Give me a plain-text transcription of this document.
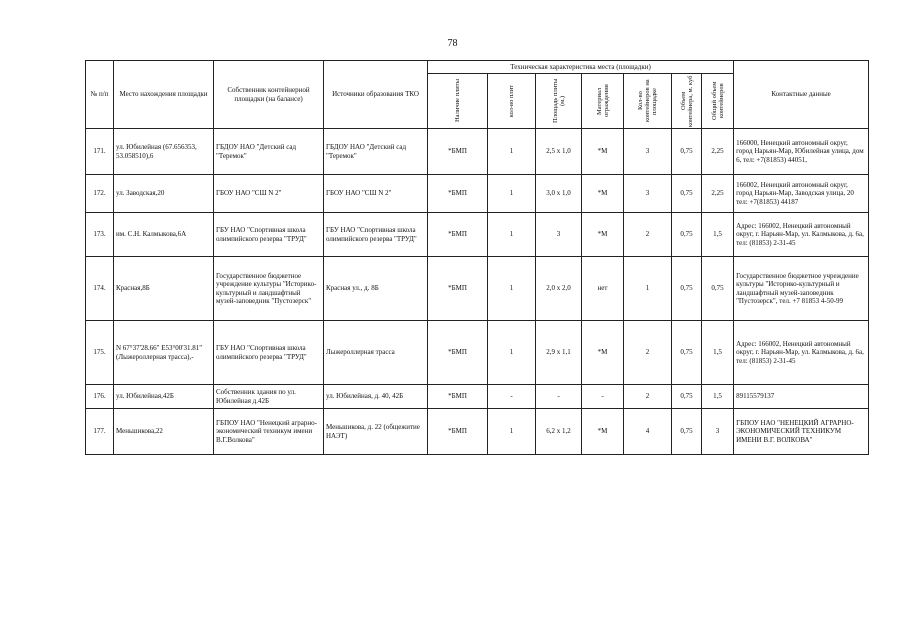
78
№ п/п	Место нахождения площадки	Собственник контейнерной площадки (на балансе)	Источники образования ТКО	Техническая характеристика места (площадки)							Контактные данные

				Наличие плиты	кол-во плит	Площадь плиты (м.)	Материал ограждения	Кол-во контейнеров на площадке	Объем контейнера, м. куб	Общий объем контейнеров	

171.	ул. Юбилейная (67.656353, 53.058510),6	ГБДОУ НАО "Детский сад "Теремок"	ГБДОУ НАО "Детский сад "Теремок"	*БМП	1	2,5 х 1,0	*М	3	0,75	2,25	166000, Ненецкий автономный округ, город Нарьян-Мар, Юбилейная улица, дом 6, тел: +7(81853) 44051,
172.	ул. Заводская,20	ГБОУ НАО "СШ N 2"	ГБОУ НАО "СШ N 2"	*БМП	1	3,0 х 1,0	*М	3	0,75	2,25	166002, Ненецкий автономный округ, город Нарьян-Мар, Заводская улица, 20 тел: +7(81853) 44187
173.	им. С.Н. Калмыкова,6А	ГБУ НАО "Спортивная школа олимпийского резерва "ТРУД"	ГБУ НАО "Спортивная школа олимпийского резерва "ТРУД"	*БМП	1	3	*М	2	0,75	1,5	Адрес: 166002, Ненецкий автономный округ, г. Нарьян-Мар, ул. Калмыкова, д. 6а, тел: (81853) 2-31-45
174.	Красная,8Б	Государственное бюджетное учреждение культуры "Историко-культурный и ландшафтный музей-заповедник "Пустозерск"	Красная ул., д. 8Б	*БМП	1	2,0 х 2,0	нет	1	0,75	0,75	Государственное бюджетное учреждение культуры "Историко-культурный и ландшафтный музей-заповедник "Пустозерск", тел. +7 81853 4-50-99
175.	N 67°37'28.66" E53°00'31.81" (Лыжероллерная трасса),-	ГБУ НАО "Спортивная школа олимпийского резерва "ТРУД"	Лыжероллерная трасса	*БМП	1	2,9 х 1,1	*М	2	0,75	1,5	Адрес: 166002, Ненецкий автономный округ, г. Нарьян-Мар, ул. Калмыкова, д. 6а, тел: (81853) 2-31-45
176.	ул. Юбилейная,42Б	Собственник здания по ул. Юбилейная д.42Б	ул. Юбилейная, д. 40, 42Б	*БМП	-	-	-	2	0,75	1,5	89115579137
177.	Меньшикова,22	ГБПОУ НАО "Ненецкий аграрно-экономический техникум имени В.Г.Волкова"	Меньшикова, д. 22 (общежитие НАЭТ)	*БМП	1	6,2 х 1,2	*М	4	0,75	3	ГБПОУ НАО "НЕНЕЦКИЙ АГРАРНО-ЭКОНОМИЧЕСКИЙ ТЕХНИКУМ ИМЕНИ В.Г. ВОЛКОВА"
